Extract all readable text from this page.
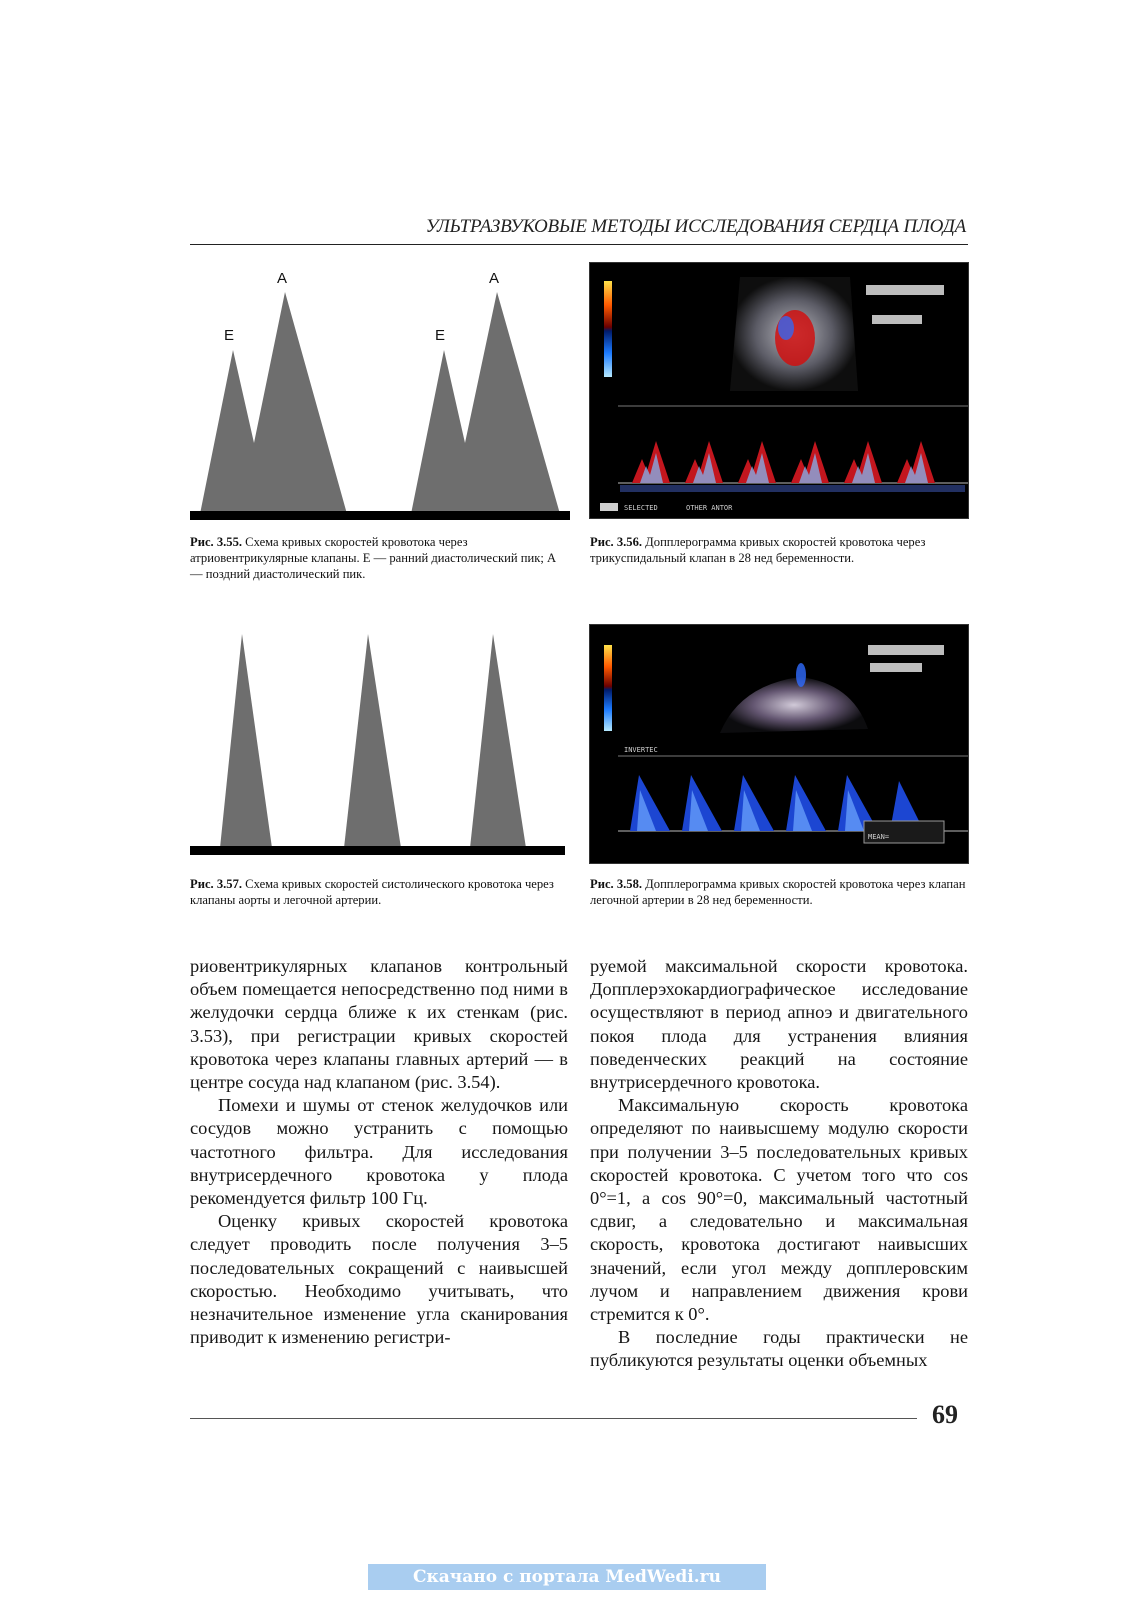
УЛЬТРАЗВУКОВЫЕ МЕТОДЫ ИССЛЕДОВАНИЯ СЕРДЦА ПЛОДА
E
A
E
A
Рис. 3.55. Схема кривых скоростей кровотока через атриовентрикулярные клапаны. Е — ранний диастолический пик; А — поздний диастолический пик.
SELECTED	OTHER ANTOR
Рис. 3.56. Допплерограмма кривых скоростей кровотока через трикуспидальный клапан в 28 нед беременности.
Рис. 3.57. Схема кривых скоростей систолического кровотока через клапаны аорты и легочной артерии.
INVERTEC
MEAN=
Рис. 3.58. Допплерограмма кривых скоростей кровотока через клапан легочной артерии в 28 нед беременности.

риовентрикулярных клапанов контрольный объем помещается непосредственно под ними в желудочки сердца ближе к их стенкам (рис. 3.53), при регистрации кривых скоростей кровотока через клапаны главных артерий — в центре сосуда над клапаном (рис. 3.54).

Помехи и шумы от стенок желудочков или сосудов можно устранить с помощью частотного фильтра. Для исследования внутрисердечного кровотока у плода рекомендуется фильтр 100 Гц.

Оценку кривых скоростей кровотока следует проводить после получения 3–5 последовательных сокращений с наивысшей скоростью. Необходимо учитывать, что незначительное изменение угла сканирования приводит к изменению регистри-

руемой максимальной скорости кровотока. Допплерэхокардиографическое исследование осуществляют в период апноэ и двигательного покоя плода для устранения влияния поведенческих реакций на состояние внутрисердечного кровотока.

Максимальную скорость кровотока определяют по наивысшему модулю скорости при получении 3–5 последовательных кривых скоростей кровотока. С учетом того что cos 0°=1, а cos 90°=0, максимальный частотный сдвиг, а следовательно и максимальная скорость, кровотока достигают наивысших значений, если угол между допплеровским лучом и направлением движения крови стремится к 0°.

В последние годы практически не публикуются результаты оценки объемных

69
Скачано с портала MedWedi.ru
